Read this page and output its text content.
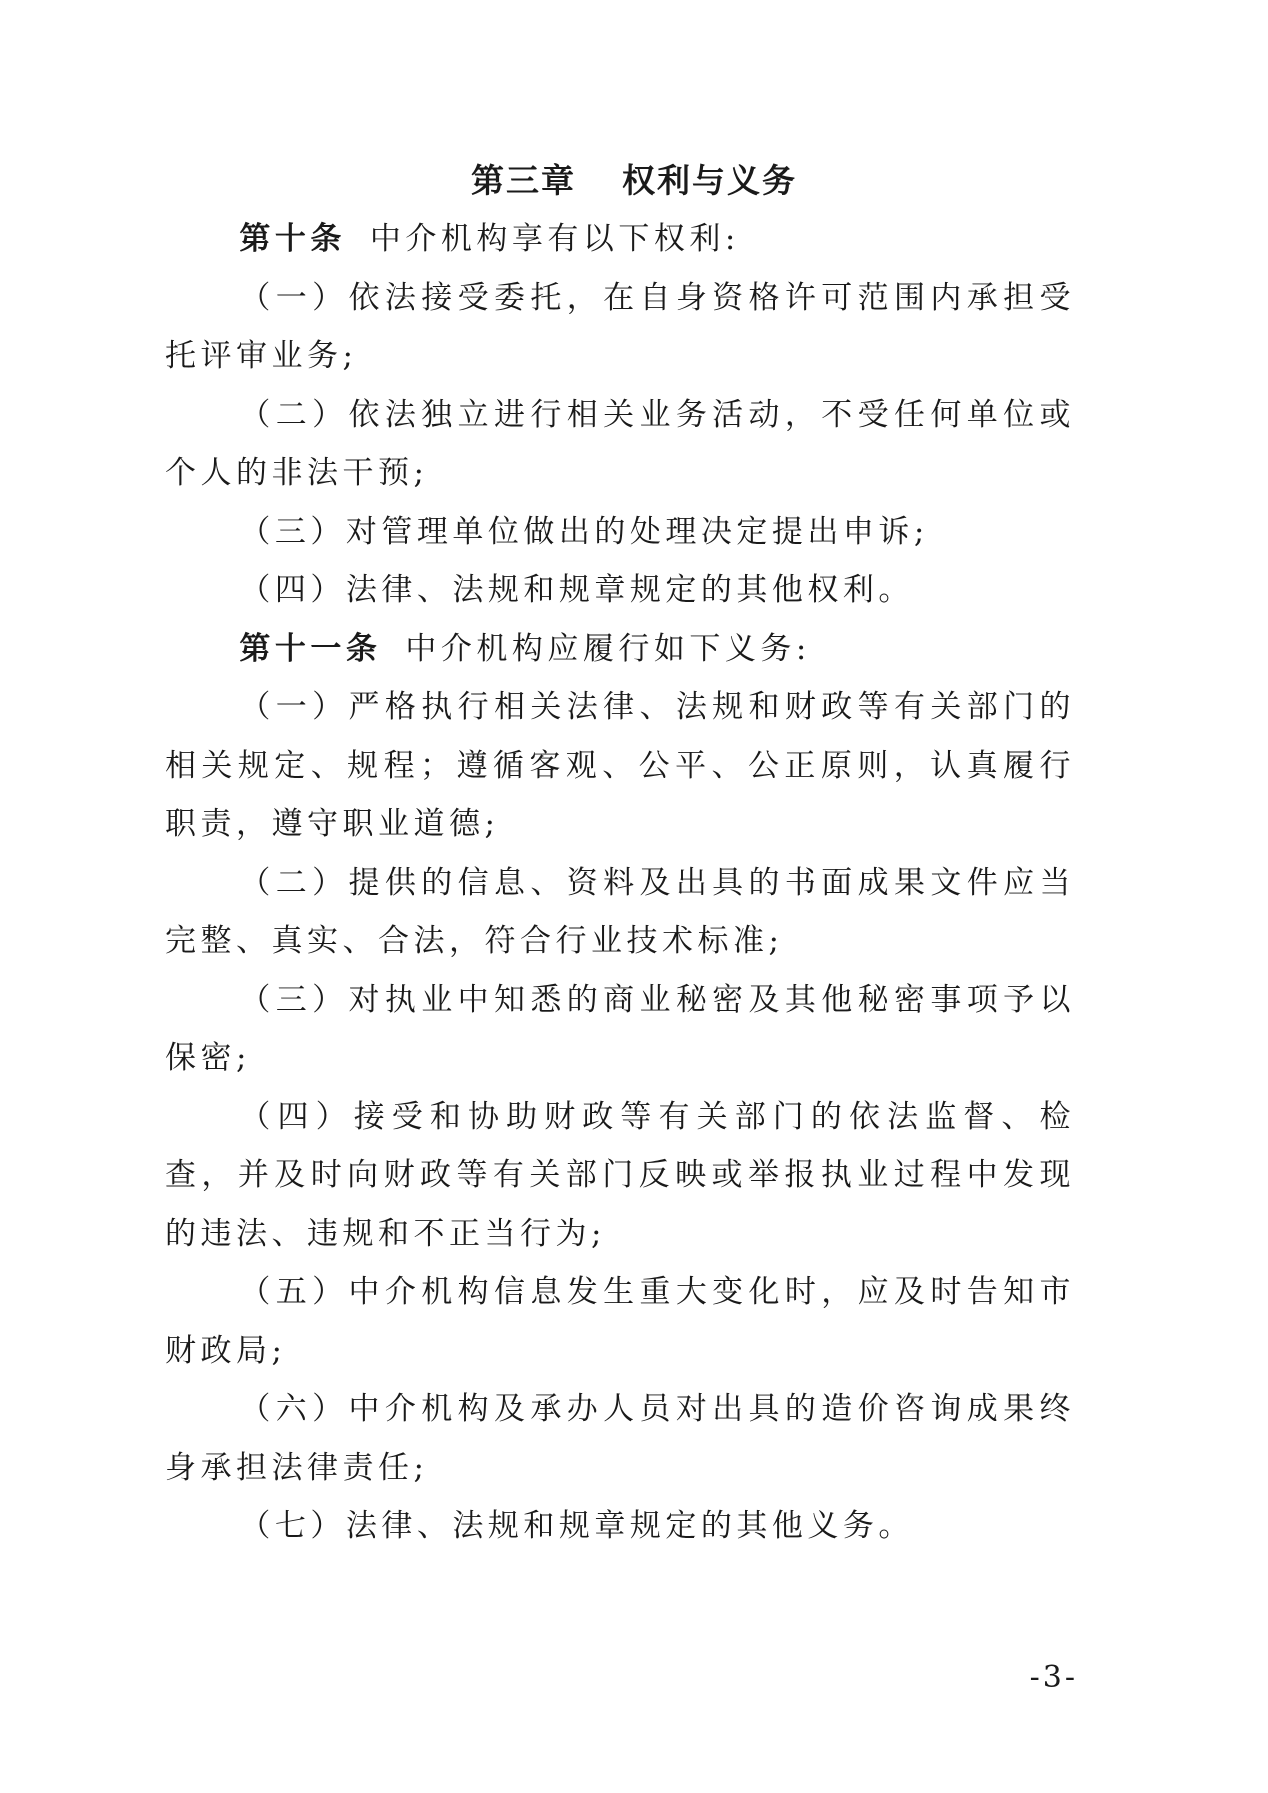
第三章 权利与义务

第十条 中介机构享有以下权利:

（一）依法接受委托，在自身资格许可范围内承担受托评审业务;

（二）依法独立进行相关业务活动，不受任何单位或个人的非法干预;

（三）对管理单位做出的处理决定提出申诉;

（四）法律、法规和规章规定的其他权利。

第十一条 中介机构应履行如下义务:

（一）严格执行相关法律、法规和财政等有关部门的相关规定、规程；遵循客观、公平、公正原则，认真履行职责，遵守职业道德;

（二）提供的信息、资料及出具的书面成果文件应当完整、真实、合法，符合行业技术标准;

（三）对执业中知悉的商业秘密及其他秘密事项予以保密;

（四）接受和协助财政等有关部门的依法监督、检查，并及时向财政等有关部门反映或举报执业过程中发现的违法、违规和不正当行为;

（五）中介机构信息发生重大变化时，应及时告知市财政局;

（六）中介机构及承办人员对出具的造价咨询成果终身承担法律责任;

（七）法律、法规和规章规定的其他义务。

-3-
